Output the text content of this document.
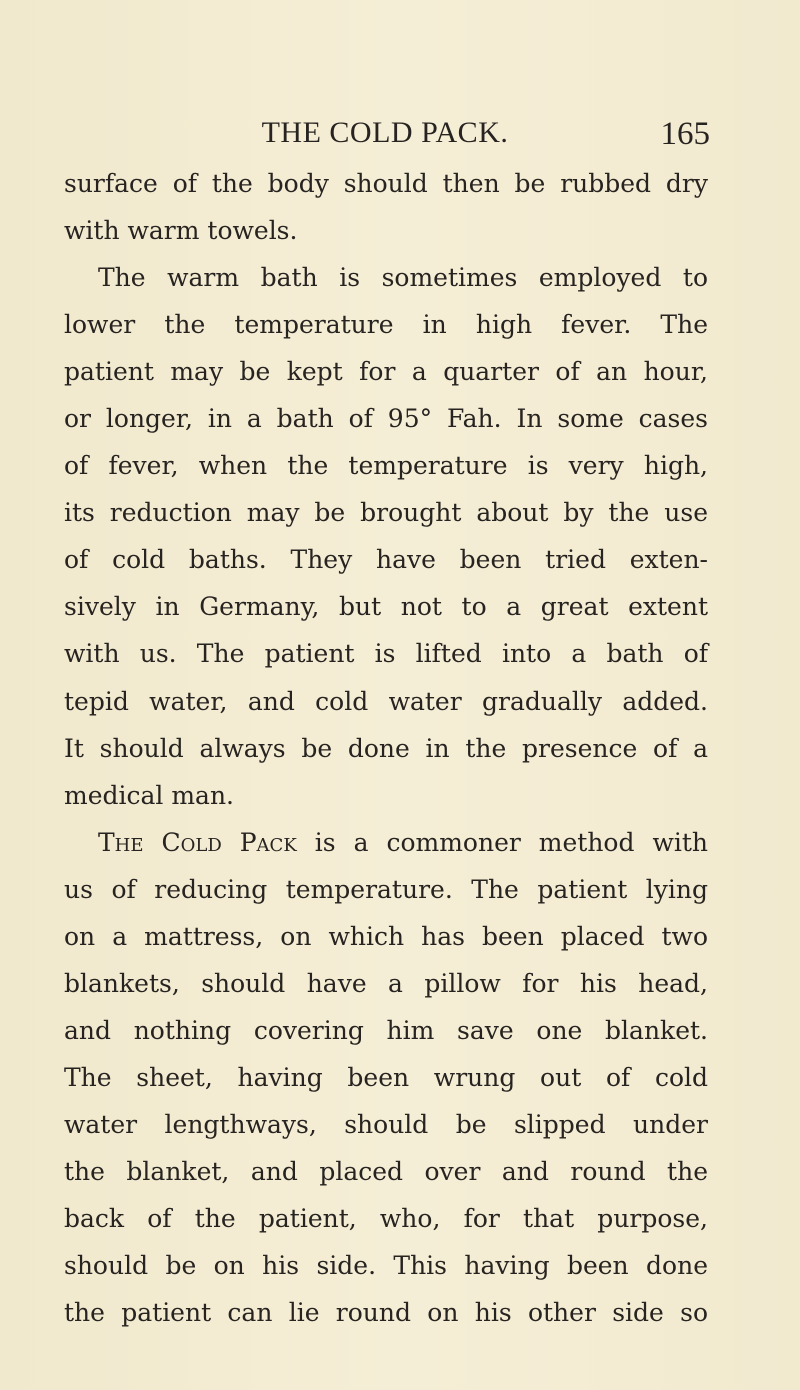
THE COLD PACK.	165
surface of the body should then be rubbed dry
with warm towels.
The warm bath is sometimes employed to
lower the temperature in high fever. The
patient may be kept for a quarter of an hour,
or longer, in a bath of 95° Fah. In some cases
of fever, when the temperature is very high,
its reduction may be brought about by the use
of cold baths. They have been tried exten-
sively in Germany, but not to a great extent
with us. The patient is lifted into a bath of
tepid water, and cold water gradually added.
It should always be done in the presence of a
medical man.
The Cold Pack is a commoner method with
us of reducing temperature. The patient lying
on a mattress, on which has been placed two
blankets, should have a pillow for his head,
and nothing covering him save one blanket.
The sheet, having been wrung out of cold
water lengthways, should be slipped under
the blanket, and placed over and round the
back of the patient, who, for that purpose,
should be on his side. This having been done
the patient can lie round on his other side so
